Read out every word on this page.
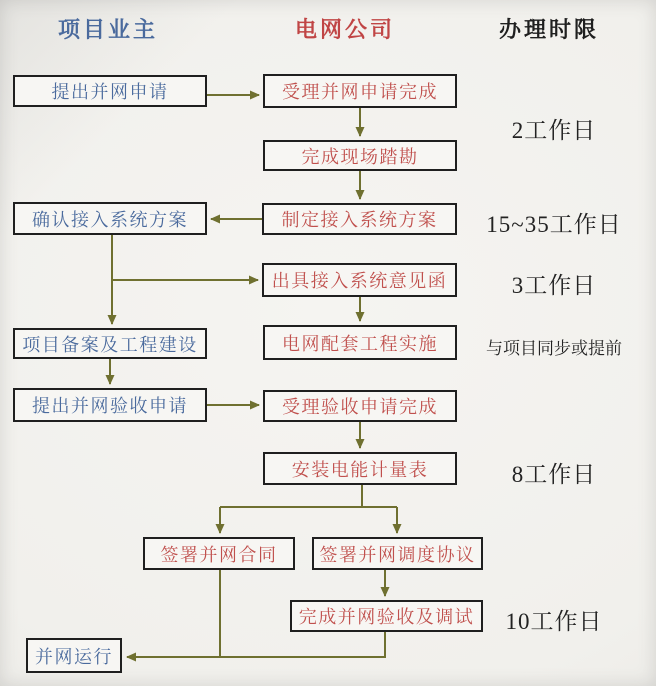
项目业主	电网公司	办理时限
提出并网申请
确认接入系统方案
项目备案及工程建设
提出并网验收申请
并网运行
受理并网申请完成
完成现场踏勘
制定接入系统方案
出具接入系统意见函
电网配套工程实施
受理验收申请完成
安装电能计量表
签署并网合同	签署并网调度协议
完成并网验收及调试
2工作日
15~35工作日
3工作日
与项目同步或提前
8工作日
10工作日
